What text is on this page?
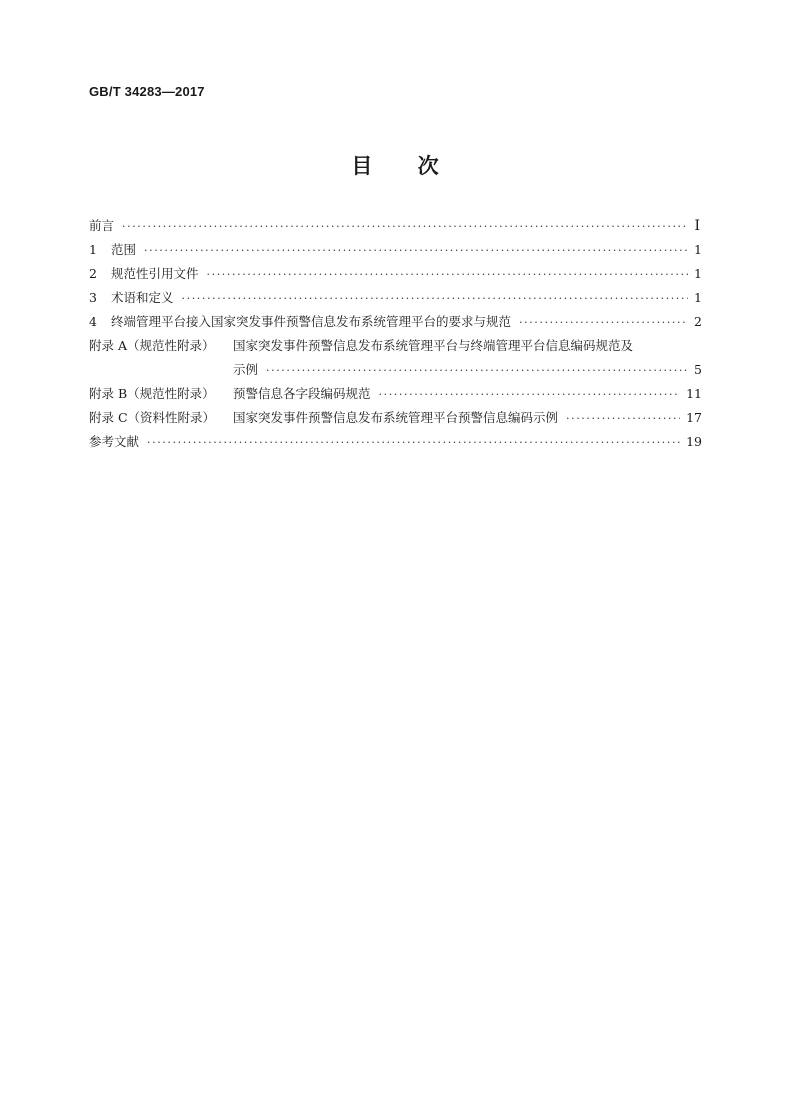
GB/T 34283—2017
目 次
前言 ·····	Ⅰ
1	范围 ·····	1
2	规范性引用文件 ·····	1
3	术语和定义 ·····	1
4	终端管理平台接入国家突发事件预警信息发布系统管理平台的要求与规范 ·····	2
附录 A（规范性附录）	国家突发事件预警信息发布系统管理平台与终端管理平台信息编码规范及
示例 ·····	5
附录 B（规范性附录）	预警信息各字段编码规范 ·····	11
附录 C（资料性附录）	国家突发事件预警信息发布系统管理平台预警信息编码示例 ·····	17
参考文献 ·····	19
